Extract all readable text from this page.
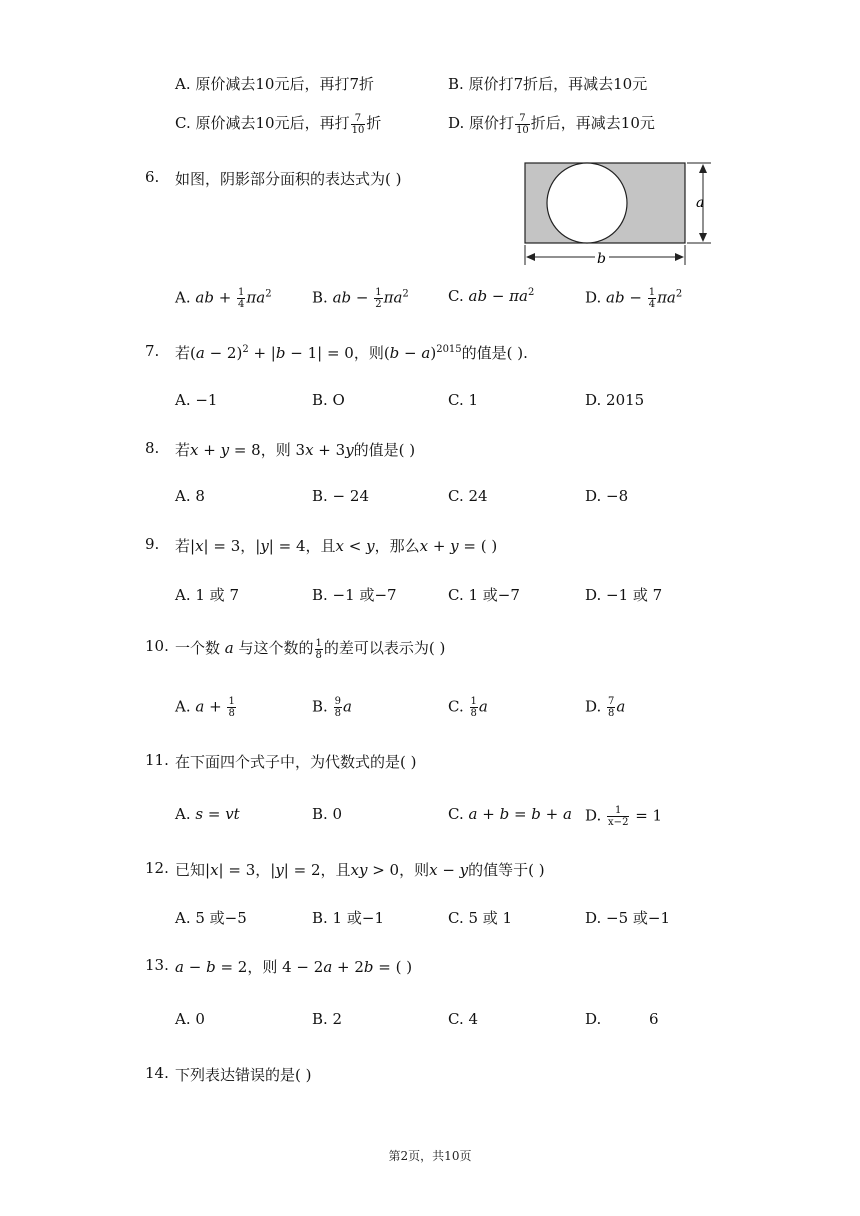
A. 原价减去10元后，再打7折	B. 原价打7折后，再减去10元
C. 原价减去10元后，再打 $\frac{7}{10}$ 折	D. 原价打 $\frac{7}{10}$ 折后，再减去10元
6. 如图，阴影部分面积的表达式为( )
a
b
A. ab + $\frac{1}{4} \pi a^2$	B. ab − $\frac{1}{2} \pi a^2$	C. ab − $\pi a^2$	D. ab − $\frac{1}{4} \pi a^2$
7. 若$(a - 2)^2 + |b - 1| = 0$，则$(b - a)^{2015}$的值是( ).
A. −1	B. O	C. 1	D. 2015
8. 若x + y = 8，则 3x + 3y的值是( )
A. 8	B. − 24	C. 24	D. −8
9. 若|x| = 3，|y| = 4，且x < y，那么x + y = ( )
A. 1 或 7	B. −1 或−7	C. 1 或−7	D. −1 或 7
10. 一个数 a 与这个数的 $\frac{1}{8}$ 的差可以表示为( )
A. $a + \frac{1}{8}$	B. $\frac{9}{8}$ a	C. $\frac{1}{8}$ a	D. $\frac{7}{8}$ a
11. 在下面四个式子中，为代数式的是( )
A. s = vt	B. 0	C. a + b = b + a D. $\frac{1}{x-2} = 1$
12. 已知|x| = 3，|y| = 2，且xy > 0，则x − y的值等于( )
A. 5 或−5	B. 1 或−1	C. 5 或 1	D. −5 或−1
13. a − b = 2，则 4 − 2a + 2b = ( )
A. 0	B. 2	C. 4	D.          6
14. 下列表达错误的是( )
第2页，共10页
